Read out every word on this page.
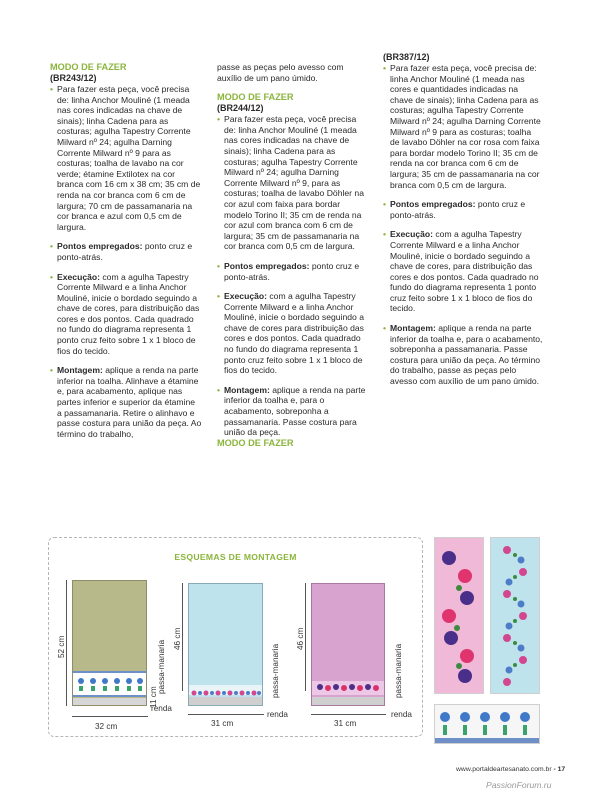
MODO DE FAZER
(BR243/12)
• Para fazer esta peça, você precisa de: linha Anchor Mouliné (1 meada nas cores indicadas na chave de sinais); linha Cadena para as costuras; agulha Tapestry Corrente Milward nº 24; agulha Darning Corrente Milward nº 9 para as costuras; toalha de lavabo na cor verde; étamine Extilotex na cor branca com 16 cm x 38 cm; 35 cm de renda na cor branca com 6 cm de largura; 70 cm de passamanaria na cor branca e azul com 0,5 cm de largura.
• Pontos empregados: ponto cruz e ponto-atrás.
• Execução: com a agulha Tapestry Corrente Milward e a linha Anchor Mouliné, inicie o bordado seguindo a chave de cores, para distribuição das cores e dos pontos. Cada quadrado no fundo do diagrama representa 1 ponto cruz feito sobre 1 x 1 bloco de fios do tecido.
• Montagem: aplique a renda na parte inferior na toalha. Alinhave a étamine e, para acabamento, aplique nas partes inferior e superior da étamine a passamanaria. Retire o alinhavo e passe costura para união da peça. Ao término do trabalho,
passe as peças pelo avesso com auxílio de um pano úmido.
MODO DE FAZER
(BR244/12)
• Para fazer esta peça, você precisa de: linha Anchor Mouliné (1 meada nas cores indicadas na chave de sinais); linha Cadena para as costuras; agulha Tapestry Corrente Milward nº 24; agulha Darning Corrente Milward nº 9, para as costuras; toalha de lavabo Döhler na cor azul com faixa para bordar modelo Torino II; 35 cm de renda na cor azul com branca com 6 cm de largura; 35 cm de passamanaria na cor branca com 0,5 cm de largura.
• Pontos empregados: ponto cruz e ponto-atrás.
• Execução: com a agulha Tapestry Corrente Milward e a linha Anchor Mouliné, inicie o bordado seguindo a chave de cores para distribuição das cores e dos pontos. Cada quadrado no fundo do diagrama representa 1 ponto cruz feito sobre 1 x 1 bloco de fios do tecido.
• Montagem: aplique a renda na parte inferior da toalha e, para o acabamento, sobreponha a passamanaria. Passe costura para união da peça.
MODO DE FAZER
(BR387/12)
• Para fazer esta peça, você precisa de: linha Anchor Mouliné (1 meada nas cores e quantidades indicadas na chave de sinais); linha Cadena para as costuras; agulha Tapestry Corrente Milward nº 24; agulha Darning Corrente Milward nº 9 para as costuras; toalha de lavabo Döhler na cor rosa com faixa para bordar modelo Torino II; 35 cm de renda na cor branca com 6 cm de largura; 35 cm de passamanaria na cor branca com 0,5 cm de largura.
• Pontos empregados: ponto cruz e ponto-atrás.
• Execução: com a agulha Tapestry Corrente Milward e a linha Anchor Mouliné, inicie o bordado seguindo a chave de cores, para distribuição das cores e dos pontos. Cada quadrado no fundo do diagrama representa 1 ponto cruz feito sobre 1 x 1 bloco de fios do tecido.
• Montagem: aplique a renda na parte inferior da toalha e, para o acabamento, sobreponha a passamanaria. Passe costura para união da peça. Ao término do trabalho, passe as peças pelo avesso com auxílio de um pano úmido.
ESQUEMAS DE MONTAGEM
52 cm
11 cm
passa-manaria
renda
32 cm
46 cm
passa-manaria
renda
31 cm
46 cm
passa-manaria
renda
31 cm
www.portaldeartesanato.com.br - 17
PassionForum.ru
